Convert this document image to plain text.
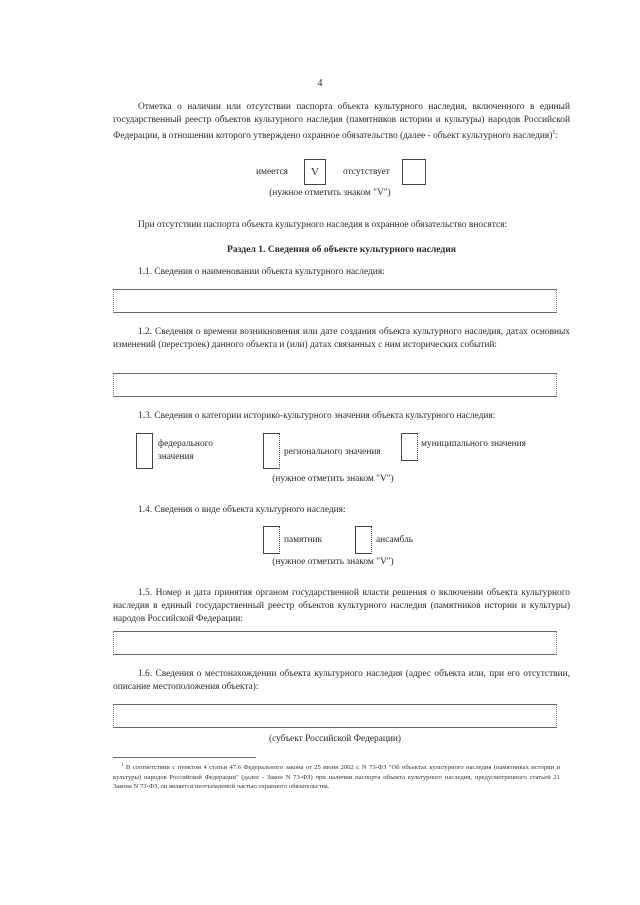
4
Отметка о наличии или отсутствии паспорта объекта культурного наследия, включенного в единый государственный реестр объектов культурного наследия (памятников истории и культуры) народов Российской Федерации, в отношении которого утверждено охранное обязательство (далее - объект культурного наследия)$^1$:
имеется V	отсутствует
(нужное отметить знаком "V")
При отсутствии паспорта объекта культурного наследия в охранное обязательство вносятся:
Раздел 1. Сведения об объекте культурного наследия
1.1. Сведения о наименовании объекта культурного наследия:
1.2. Сведения о времени возникновения или дате создания объекта культурного наследия, датах основных изменений (перестроек) данного объекта и (или) датах связанных с ним исторических событий:
1.3. Сведения о категории историко-культурного значения объекта культурного наследия:
федерального значения	регионального значения
муниципального значения
(нужное отметить знаком "V")
1.4. Сведения о виде объекта культурного наследия:
памятник	ансамбль
(нужное отметить знаком "V")
1.5. Номер и дата принятия органом государственной власти решения о включении объекта культурного наследия в единый государственный реестр объектов культурного наследия (памятников истории и культуры) народов Российской Федерации:
1.6. Сведения о местонахождении объекта культурного наследия (адрес объекта или, при его отсутствии, описание местоположения объекта):
(субъект Российской Федерации)
$^1$ В соответствии с пунктом 4 статьи 47.6 Федерального закона от 25 июня 2002 г. N 73-ФЗ "Об объектах культурного наследия (памятниках истории и культуры) народов Российской Федерации" (далее - Закон N 73-ФЗ) при наличии паспорта объекта культурного наследия, предусмотренного статьей 21 Закона N 73-ФЗ, он является неотъемлемой частью охранного обязательства.
